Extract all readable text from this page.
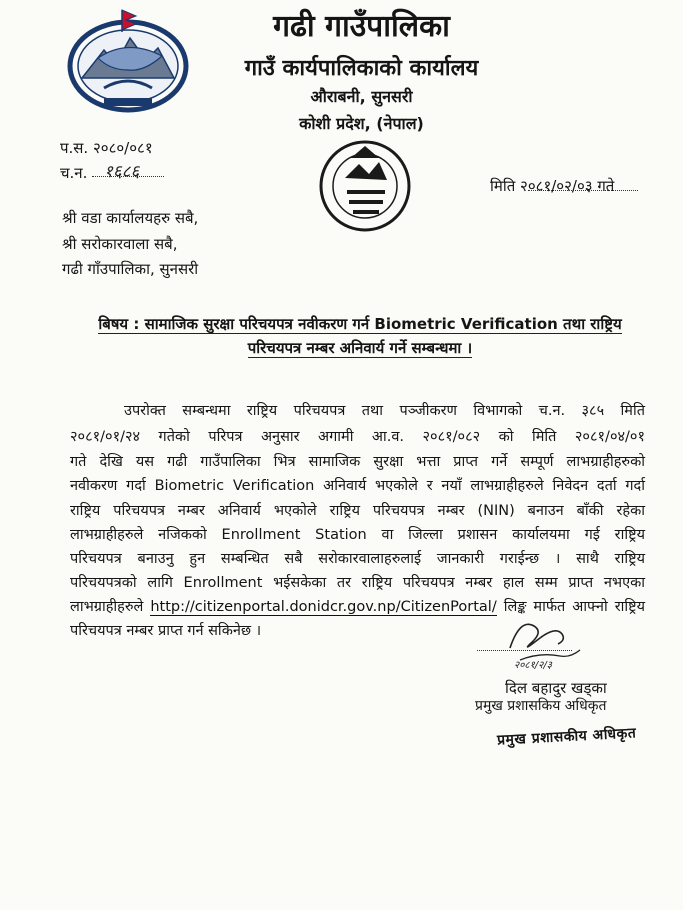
गढी गाउँपालिका
गाउँ कार्यपालिकाको कार्यालय
औराबनी, सुनसरी
कोशी प्रदेश, (नेपाल)
प.स. २०८०/०८१
च.न. १६८६
मिति २०८१/०२/०३ गते
श्री वडा कार्यालयहरु सबै,
श्री सरोकारवाला सबै,
गढी गाँउपालिका, सुनसरी
बिषय : सामाजिक सुरक्षा परिचयपत्र नवीकरण गर्न Biometric Verification तथा राष्ट्रिय
परिचयपत्र नम्बर अनिवार्य गर्ने सम्बन्धमा ।
उपरोक्त सम्बन्धमा राष्ट्रिय परिचयपत्र तथा पञ्जीकरण विभागको च.न. ३८५ मिति
२०८१/०१/२४ गतेको परिपत्र अनुसार अगामी आ.व. २०८१/०८२ को मिति २०८१/०४/०१
गते देखि यस गढी गाउँपालिका भित्र सामाजिक सुरक्षा भत्ता प्राप्त गर्ने सम्पूर्ण लाभग्राहीहरुको
नवीकरण गर्दा Biometric Verification अनिवार्य भएकोले र नयाँ लाभग्राहीहरुले निवेदन दर्ता गर्दा
राष्ट्रिय परिचयपत्र नम्बर अनिवार्य भएकोले राष्ट्रिय परिचयपत्र नम्बर (NIN) बनाउन बाँकी रहेका
लाभग्राहीहरुले नजिकको Enrollment Station वा जिल्ला प्रशासन कार्यालयमा गई राष्ट्रिय
परिचयपत्र बनाउनु हुन सम्बन्धित सबै सरोकारवालाहरुलाई जानकारी गराईन्छ । साथै राष्ट्रिय
परिचयपत्रको लागि Enrollment भईसकेका तर राष्ट्रिय परिचयपत्र नम्बर हाल सम्म प्राप्त नभएका
लाभग्राहीहरुले http://citizenportal.donidcr.gov.np/CitizenPortal/ लिङ्क मार्फत आफ्नो राष्ट्रिय
परिचयपत्र नम्बर प्राप्त गर्न सकिनेछ ।
२०८१/२/३
दिल बहादुर खड्का
प्रमुख प्रशासकिय अधिकृत
प्रमुख प्रशासकीय अधिकृत
